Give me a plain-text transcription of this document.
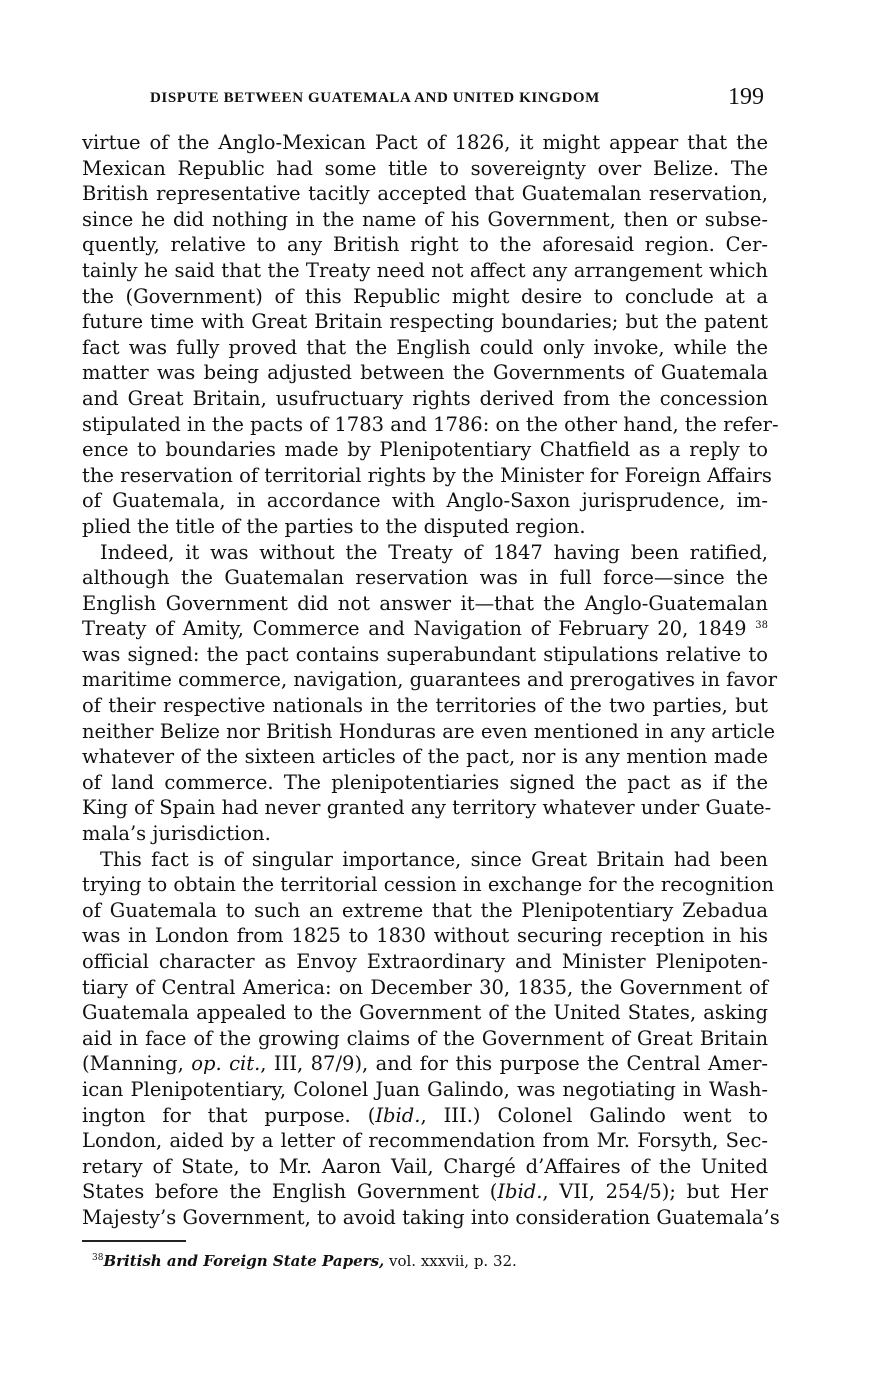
DISPUTE BETWEEN GUATEMALA AND UNITED KINGDOM	199
virtue of the Anglo-Mexican Pact of 1826, it might appear that the
Mexican Republic had some title to sovereignty over Belize. The
British representative tacitly accepted that Guatemalan reservation,
since he did nothing in the name of his Government, then or subse-
quently, relative to any British right to the aforesaid region. Cer-
tainly he said that the Treaty need not affect any arrangement which
the (Government) of this Republic might desire to conclude at a
future time with Great Britain respecting boundaries; but the patent
fact was fully proved that the English could only invoke, while the
matter was being adjusted between the Governments of Guatemala
and Great Britain, usufructuary rights derived from the concession
stipulated in the pacts of 1783 and 1786: on the other hand, the refer-
ence to boundaries made by Plenipotentiary Chatfield as a reply to
the reservation of territorial rights by the Minister for Foreign Affairs
of Guatemala, in accordance with Anglo-Saxon jurisprudence, im-
plied the title of the parties to the disputed region.
Indeed, it was without the Treaty of 1847 having been ratified,
although the Guatemalan reservation was in full force—since the
English Government did not answer it—that the Anglo-Guatemalan
Treaty of Amity, Commerce and Navigation of February 20, 1849 $^{38}$
was signed: the pact contains superabundant stipulations relative to
maritime commerce, navigation, guarantees and prerogatives in favor
of their respective nationals in the territories of the two parties, but
neither Belize nor British Honduras are even mentioned in any article
whatever of the sixteen articles of the pact, nor is any mention made
of land commerce. The plenipotentiaries signed the pact as if the
King of Spain had never granted any territory whatever under Guate-
mala’s jurisdiction.
This fact is of singular importance, since Great Britain had been
trying to obtain the territorial cession in exchange for the recognition
of Guatemala to such an extreme that the Plenipotentiary Zebadua
was in London from 1825 to 1830 without securing reception in his
official character as Envoy Extraordinary and Minister Plenipoten-
tiary of Central America: on December 30, 1835, the Government of
Guatemala appealed to the Government of the United States, asking
aid in face of the growing claims of the Government of Great Britain
(Manning, op. cit., III, 87/9), and for this purpose the Central Amer-
ican Plenipotentiary, Colonel Juan Galindo, was negotiating in Wash-
ington for that purpose. (Ibid., III.) Colonel Galindo went to
London, aided by a letter of recommendation from Mr. Forsyth, Sec-
retary of State, to Mr. Aaron Vail, Chargé d’Affaires of the United
States before the English Government (Ibid., VII, 254/5); but Her
Majesty’s Government, to avoid taking into consideration Guatemala’s
$^{38}$British and Foreign State Papers, vol. xxxvii, p. 32.
